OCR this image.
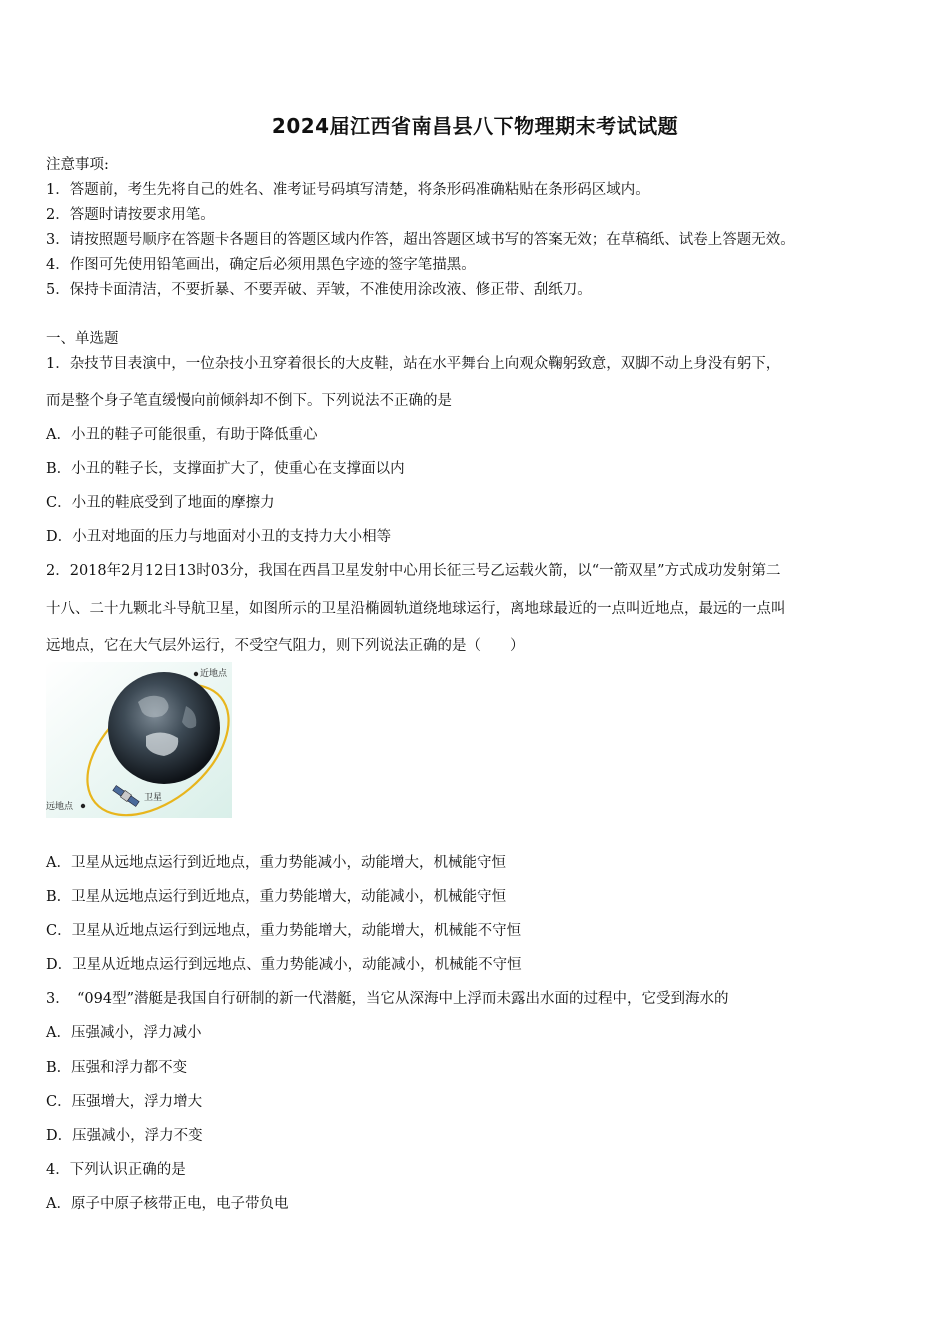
2024届江西省南昌县八下物理期末考试试题
注意事项:
1．答题前，考生先将自己的姓名、准考证号码填写清楚，将条形码准确粘贴在条形码区域内。
2．答题时请按要求用笔。
3．请按照题号顺序在答题卡各题目的答题区域内作答，超出答题区域书写的答案无效；在草稿纸、试卷上答题无效。
4．作图可先使用铅笔画出，确定后必须用黑色字迹的签字笔描黑。
5．保持卡面清洁，不要折暴、不要弄破、弄皱，不准使用涂改液、修正带、刮纸刀。
一、单选题
1．杂技节目表演中，一位杂技小丑穿着很长的大皮鞋，站在水平舞台上向观众鞠躬致意，双脚不动上身没有躬下，
而是整个身子笔直缓慢向前倾斜却不倒下。下列说法不正确的是
A．小丑的鞋子可能很重，有助于降低重心
B．小丑的鞋子长，支撑面扩大了，使重心在支撑面以内
C．小丑的鞋底受到了地面的摩擦力
D．小丑对地面的压力与地面对小丑的支持力大小相等
2．2018年2月12日13时03分，我国在西昌卫星发射中心用长征三号乙运载火箭，以“一箭双星”方式成功发射第二
十八、二十九颗北斗导航卫星，如图所示的卫星沿椭圆轨道绕地球运行，离地球最近的一点叫近地点，最远的一点叫
远地点，它在大气层外运行，不受空气阻力，则下列说法正确的是（　　）
近地点
远地点
卫星
A．卫星从远地点运行到近地点，重力势能减小，动能增大，机械能守恒
B．卫星从远地点运行到近地点，重力势能增大，动能减小，机械能守恒
C．卫星从近地点运行到远地点，重力势能增大，动能增大，机械能不守恒
D．卫星从近地点运行到远地点、重力势能减小，动能减小，机械能不守恒
3．　“094型”潜艇是我国自行研制的新一代潜艇，当它从深海中上浮而未露出水面的过程中，它受到海水的
A．压强减小，浮力减小
B．压强和浮力都不变
C．压强增大，浮力增大
D．压强减小，浮力不变
4．下列认识正确的是
A．原子中原子核带正电，电子带负电
